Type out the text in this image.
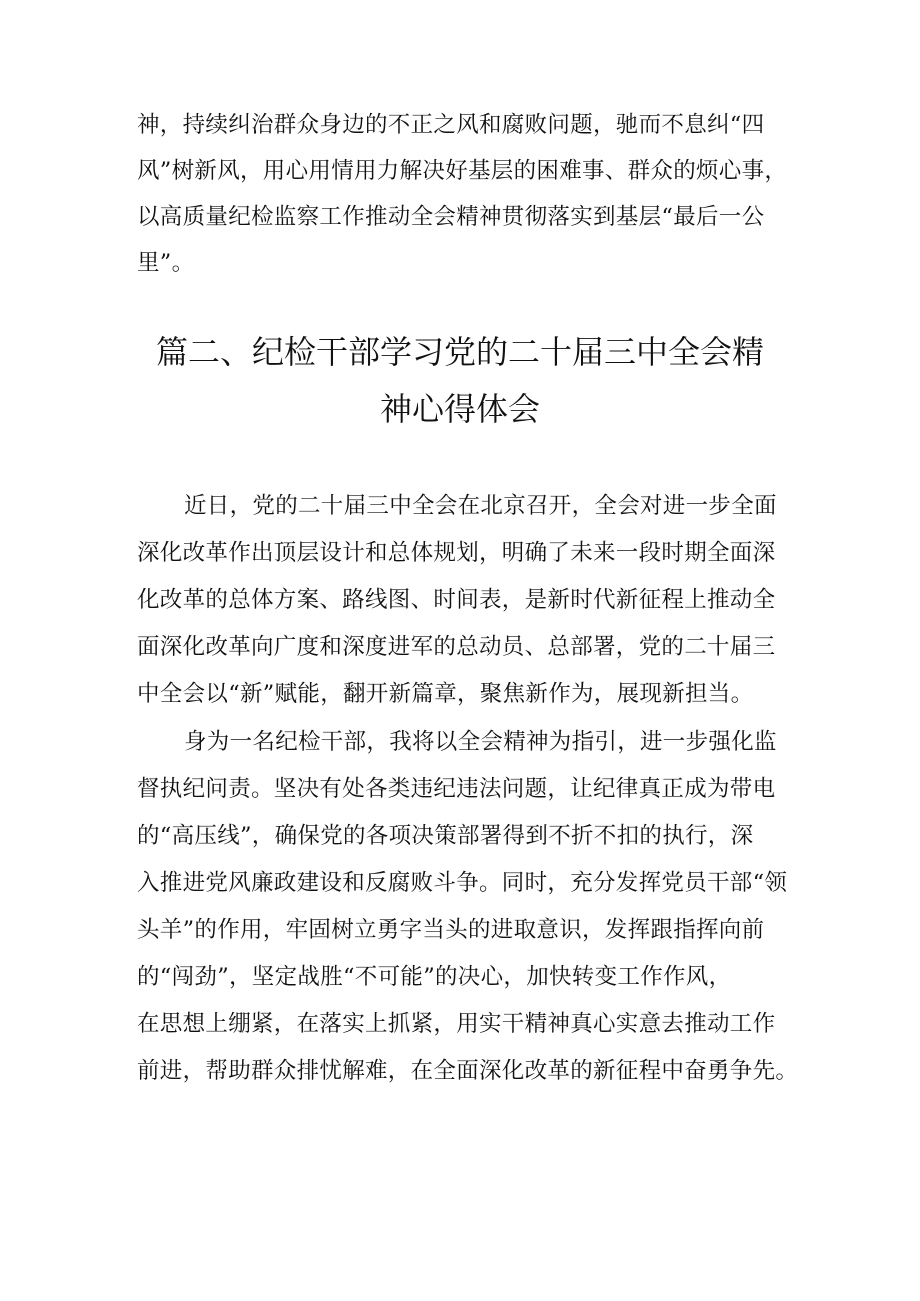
神，持续纠治群众身边的不正之风和腐败问题，驰而不息纠“四
风”树新风，用心用情用力解决好基层的困难事、群众的烦心事，
以高质量纪检监察工作推动全会精神贯彻落实到基层“最后一公
里”。
篇二、纪检干部学习党的二十届三中全会精
神心得体会
近日，党的二十届三中全会在北京召开，全会对进一步全面
深化改革作出顶层设计和总体规划，明确了未来一段时期全面深
化改革的总体方案、路线图、时间表，是新时代新征程上推动全
面深化改革向广度和深度进军的总动员、总部署，党的二十届三
中全会以“新”赋能，翻开新篇章，聚焦新作为，展现新担当。
身为一名纪检干部，我将以全会精神为指引，进一步强化监
督执纪问责。坚决有处各类违纪违法问题，让纪律真正成为带电
的“高压线”，确保党的各项决策部署得到不折不扣的执行，深
入推进党风廉政建设和反腐败斗争。同时，充分发挥党员干部“领
头羊”的作用，牢固树立勇字当头的进取意识，发挥跟指挥向前
的“闯劲”，坚定战胜“不可能”的决心，加快转变工作作风，
在思想上绷紧，在落实上抓紧，用实干精神真心实意去推动工作
前进，帮助群众排忧解难，在全面深化改革的新征程中奋勇争先。
